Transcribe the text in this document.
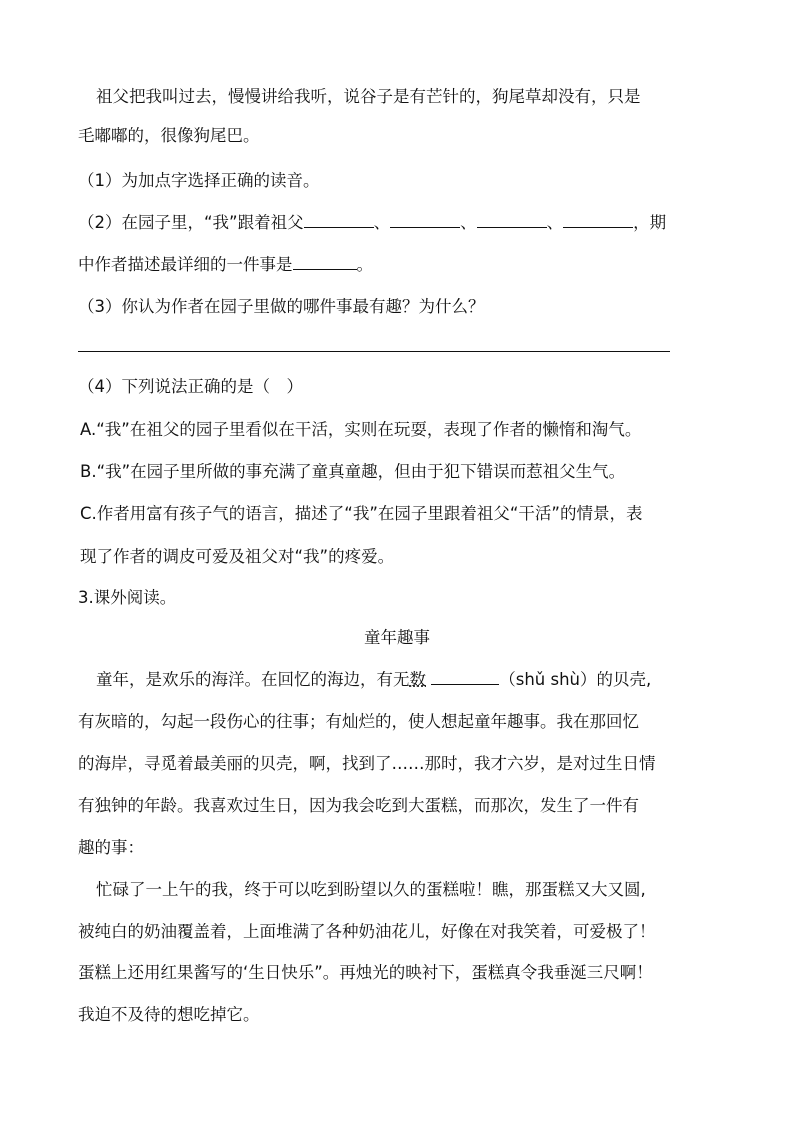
祖父把我叫过去，慢慢讲给我听，说谷子是有芒针的，狗尾草却没有，只是
毛嘟嘟的，很像狗尾巴。
（1）为加点字选择正确的读音。
（2）在园子里，“我”跟着祖父	、	、	、	，期
中作者描述最详细的一件事是	。
（3）你认为作者在园子里做的哪件事最有趣？为什么？
（4）下列说法正确的是（　）
A.“我”在祖父的园子里看似在干活，实则在玩耍，表现了作者的懒惰和淘气。
B.“我”在园子里所做的事充满了童真童趣，但由于犯下错误而惹祖父生气。
C.作者用富有孩子气的语言，描述了“我”在园子里跟着祖父“干活”的情景，表
现了作者的调皮可爱及祖父对“我”的疼爱。
3.课外阅读。
童年趣事
童年，是欢乐的海洋。在回忆的海边，有无数	（shǔ shù）的贝壳,
有灰暗的，勾起一段伤心的往事；有灿烂的，使人想起童年趣事。我在那回忆
的海岸，寻觅着最美丽的贝壳，啊，找到了……那时，我才六岁，是对过生日情
有独钟的年龄。我喜欢过生日，因为我会吃到大蛋糕，而那次，发生了一件有
趣的事：
忙碌了一上午的我，终于可以吃到盼望以久的蛋糕啦！瞧，那蛋糕又大又圆,
被纯白的奶油覆盖着，上面堆满了各种奶油花儿，好像在对我笑着，可爱极了！
蛋糕上还用红果酱写的‘生日快乐”。再烛光的映衬下，蛋糕真令我垂涎三尺啊！
我迫不及待的想吃掉它。
